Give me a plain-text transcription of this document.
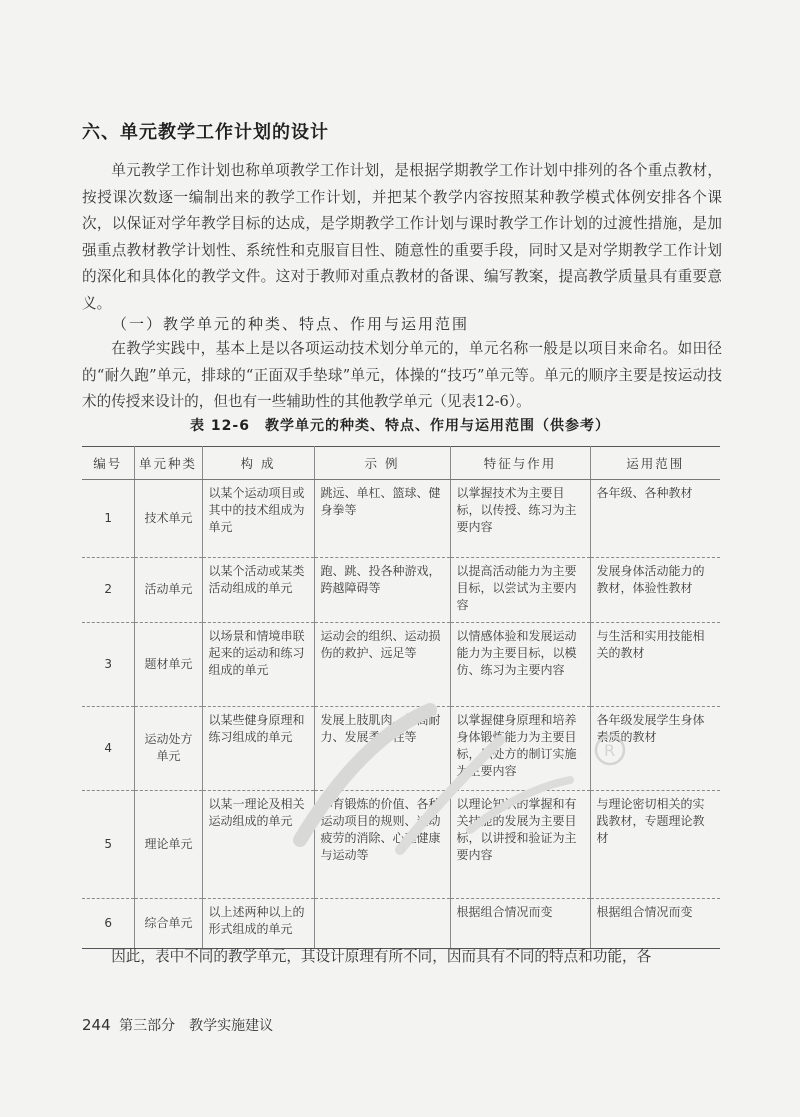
六、单元教学工作计划的设计

单元教学工作计划也称单项教学工作计划，是根据学期教学工作计划中排列的各个重点教材，按授课次数逐一编制出来的教学工作计划，并把某个教学内容按照某种教学模式体例安排各个课次，以保证对学年教学目标的达成，是学期教学工作计划与课时教学工作计划的过渡性措施，是加强重点教材教学计划性、系统性和克服盲目性、随意性的重要手段，同时又是对学期教学工作计划的深化和具体化的教学文件。这对于教师对重点教材的备课、编写教案，提高教学质量具有重要意义。

（一）教学单元的种类、特点、作用与运用范围

在教学实践中，基本上是以各项运动技术划分单元的，单元名称一般是以项目来命名。如田径的“耐久跑”单元，排球的“正面双手垫球”单元，体操的“技巧”单元等。单元的顺序主要是按运动技术的传授来设计的，但也有一些辅助性的其他教学单元（见表12-6）。

表 12-6　教学单元的种类、特点、作用与运用范围（供参考）
编号	单元种类	构 成	示 例	特征与作用	运用范围
1	技术单元	以某个运动项目或其中的技术组成为单元	跳远、单杠、篮球、健身拳等	以掌握技术为主要目标，以传授、练习为主要内容	各年级、各种教材
2	活动单元	以某个活动或某类活动组成的单元	跑、跳、投各种游戏，跨越障碍等	以提高活动能力为主要目标，以尝试为主要内容	发展身体活动能力的教材，体验性教材
3	题材单元	以场景和情境串联起来的运动和练习组成的单元	运动会的组织、运动损伤的救护、远足等	以情感体验和发展运动能力为主要目标，以模仿、练习为主要内容	与生活和实用技能相关的教材
4	运动处方单元	以某些健身原理和练习组成的单元	发展上肢肌肉、提高耐力、发展柔韧性等	以掌握健身原理和培养身体锻炼能力为主要目标，以处方的制订实施为主要内容	各年级发展学生身体素质的教材
5	理论单元	以某一理论及相关运动组成的单元	体育锻炼的价值、各种运动项目的规则、运动疲劳的消除、心理健康与运动等	以理论知识的掌握和有关技能的发展为主要目标，以讲授和验证为主要内容	与理论密切相关的实践教材，专题理论教材
6	综合单元	以上述两种以上的形式组成的单元		根据组合情况而变	根据组合情况而变
R

因此，表中不同的教学单元，其设计原理有所不同，因而具有不同的特点和功能，各

244 第三部分　教学实施建议
